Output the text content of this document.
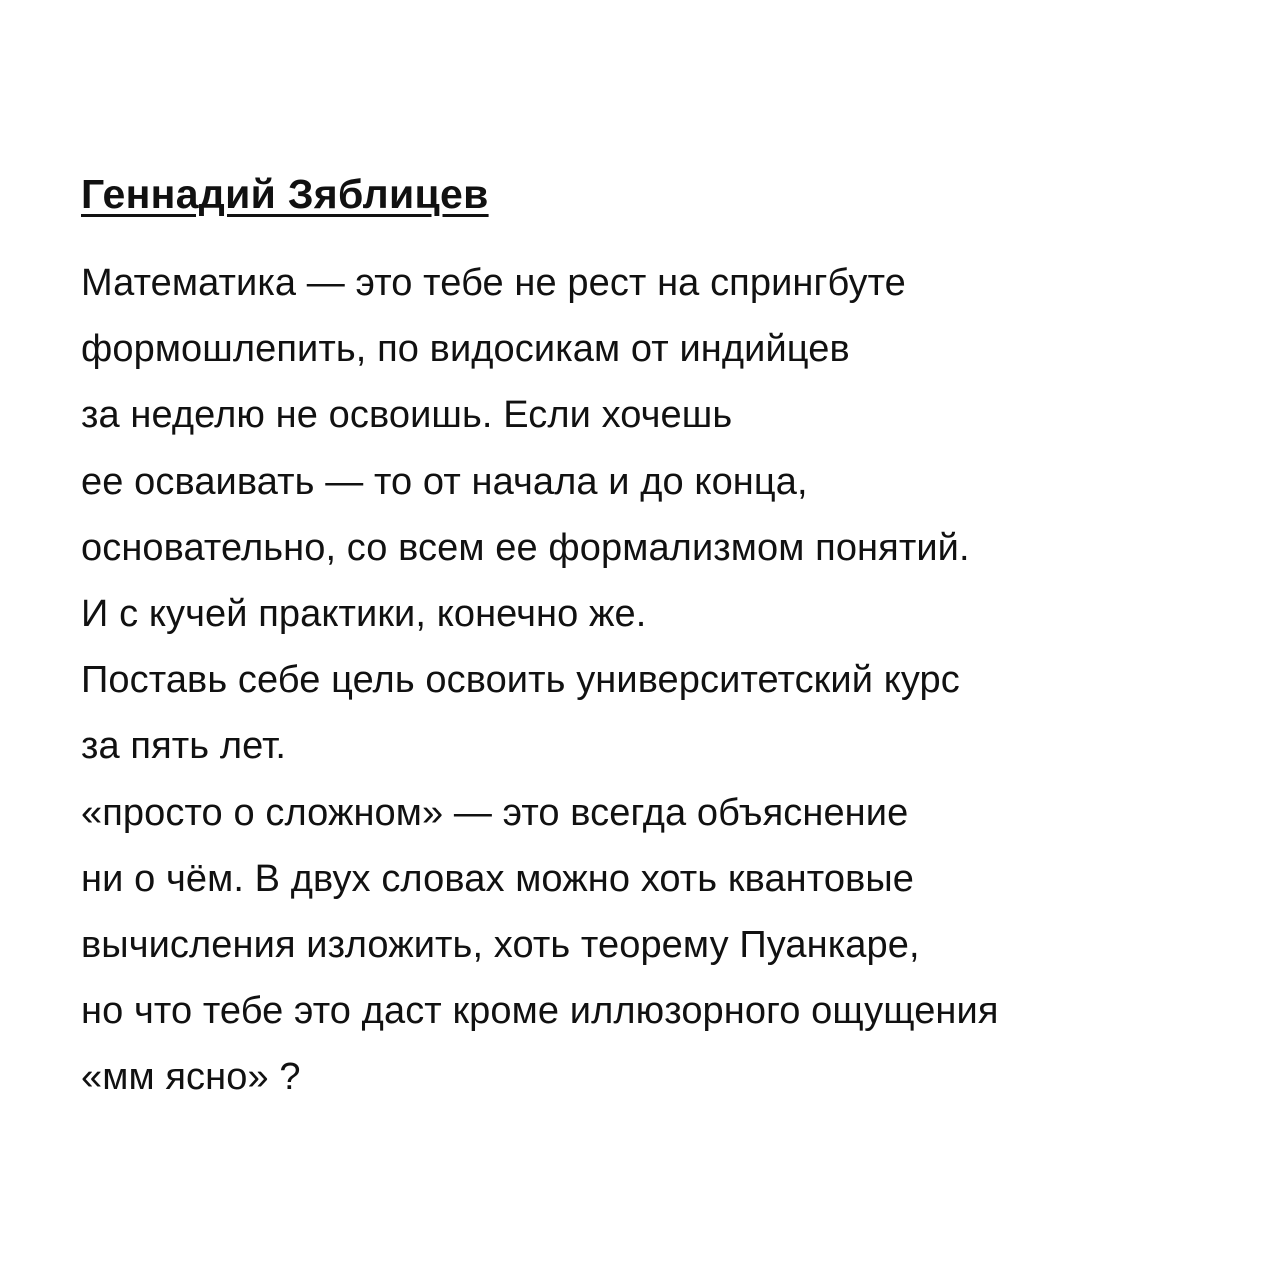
Геннадий Зяблицев
Математика — это тебе не рест на спрингбуте
формошлепить, по видосикам от индийцев
за неделю не освоишь. Если хочешь
ее осваивать — то от начала и до конца,
основательно, со всем ее формализмом понятий.
И с кучей практики, конечно же.
Поставь себе цель освоить университетский курс
за пять лет.
«просто о сложном» — это всегда объяснение
ни о чём. В двух словах можно хоть квантовые
вычисления изложить, хоть теорему Пуанкаре,
но что тебе это даст кроме иллюзорного ощущения
«мм ясно» ?
